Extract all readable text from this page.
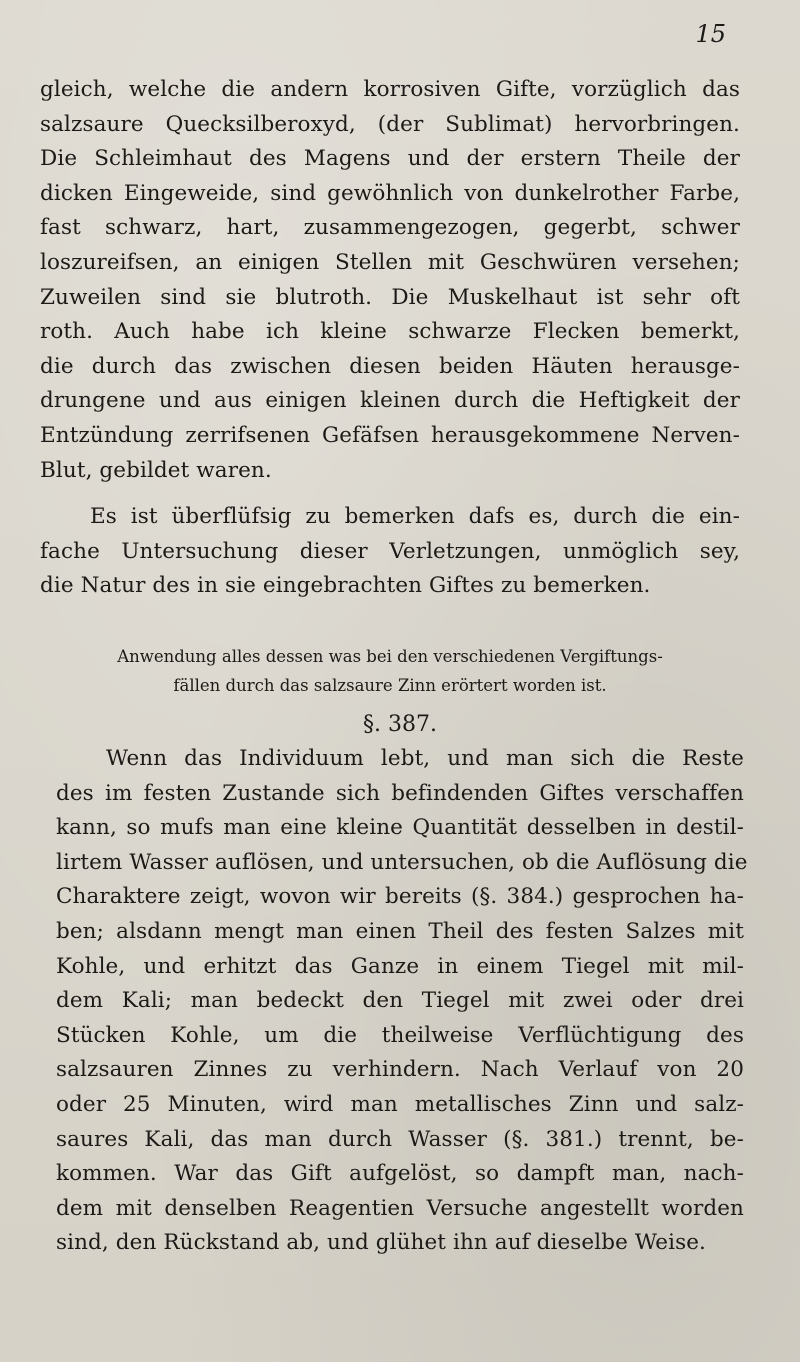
15
gleich, welche die andern korrosiven Gifte, vorzüglich das
salzsaure Quecksilberoxyd, (der Sublimat) hervorbringen.
Die Schleimhaut des Magens und der erstern Theile der
dicken Eingeweide, sind gewöhnlich von dunkelrother Farbe,
fast schwarz, hart, zusammengezogen, gegerbt, schwer
loszureifsen, an einigen Stellen mit Geschwüren versehen;
Zuweilen sind sie blutroth. Die Muskelhaut ist sehr oft
roth. Auch habe ich kleine schwarze Flecken bemerkt,
die durch das zwischen diesen beiden Häuten herausge-
drungene und aus einigen kleinen durch die Heftigkeit der
Entzündung zerrifsenen Gefäfsen herausgekommene Nerven-
Blut, gebildet waren.
Es ist überflüfsig zu bemerken dafs es, durch die ein-
fache Untersuchung dieser Verletzungen, unmöglich sey,
die Natur des in sie eingebrachten Giftes zu bemerken.
Anwendung alles dessen was bei den verschiedenen Vergiftungs-
fällen durch das salzsaure Zinn erörtert worden ist.
§. 387.
Wenn das Individuum lebt, und man sich die Reste
des im festen Zustande sich befindenden Giftes verschaffen
kann, so mufs man eine kleine Quantität desselben in destil-
lirtem Wasser auflösen, und untersuchen, ob die Auflösung die
Charaktere zeigt, wovon wir bereits (§. 384.) gesprochen ha-
ben; alsdann mengt man einen Theil des festen Salzes mit
Kohle, und erhitzt das Ganze in einem Tiegel mit mil-
dem Kali; man bedeckt den Tiegel mit zwei oder drei
Stücken Kohle, um die theilweise Verflüchtigung des
salzsauren Zinnes zu verhindern. Nach Verlauf von 20
oder 25 Minuten, wird man metallisches Zinn und salz-
saures Kali, das man durch Wasser (§. 381.) trennt, be-
kommen. War das Gift aufgelöst, so dampft man, nach-
dem mit denselben Reagentien Versuche angestellt worden
sind, den Rückstand ab, und glühet ihn auf dieselbe Weise.
